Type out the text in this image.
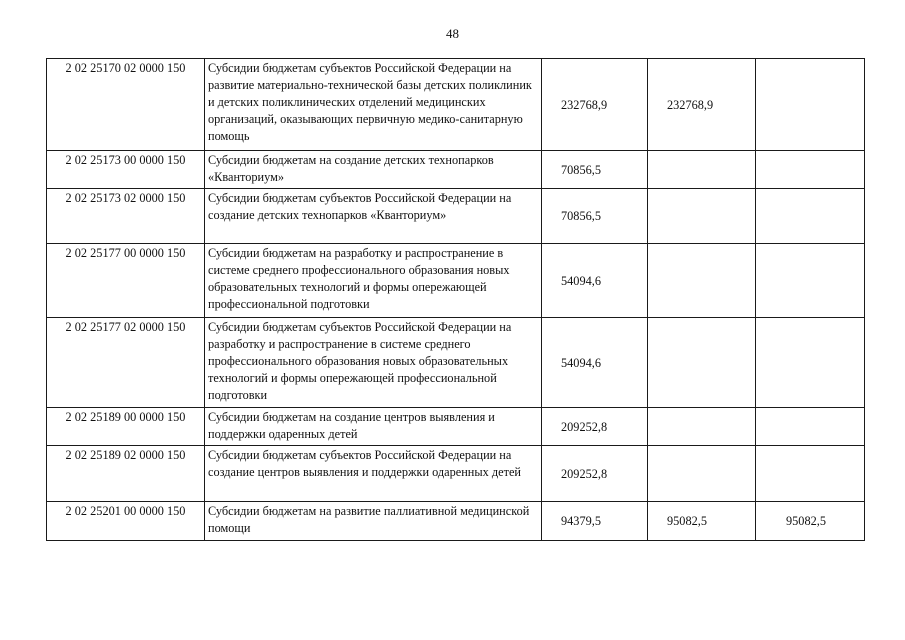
48
2 02 25170 02 0000 150	Субсидии бюджетам субъектов Российской Федерации на развитие материально-технической базы детских поликлиник и детских поликлинических отделений медицинских организаций, оказывающих первичную медико-санитарную помощь	232768,9	232768,9	
2 02 25173 00 0000 150	Субсидии бюджетам на создание детских технопарков «Кванториум»	70856,5		
2 02 25173 02 0000 150	Субсидии бюджетам субъектов Российской Федерации на создание детских технопарков «Кванториум»	70856,5		
2 02 25177 00 0000 150	Субсидии бюджетам на разработку и распространение в системе среднего профессионального образования новых образовательных технологий и формы опережающей профессиональной подготовки	54094,6		
2 02 25177 02 0000 150	Субсидии бюджетам субъектов Российской Федерации на разработку и распространение в системе среднего профессионального образования новых образовательных технологий и формы опережающей профессиональной подготовки	54094,6		
2 02 25189 00 0000 150	Субсидии бюджетам на создание центров выявления и поддержки одаренных детей	209252,8		
2 02 25189 02 0000 150	Субсидии бюджетам субъектов Российской Федерации на создание центров выявления и поддержки одаренных детей	209252,8		
2 02 25201 00 0000 150	Субсидии бюджетам на развитие паллиативной медицинской помощи	94379,5	95082,5	95082,5
